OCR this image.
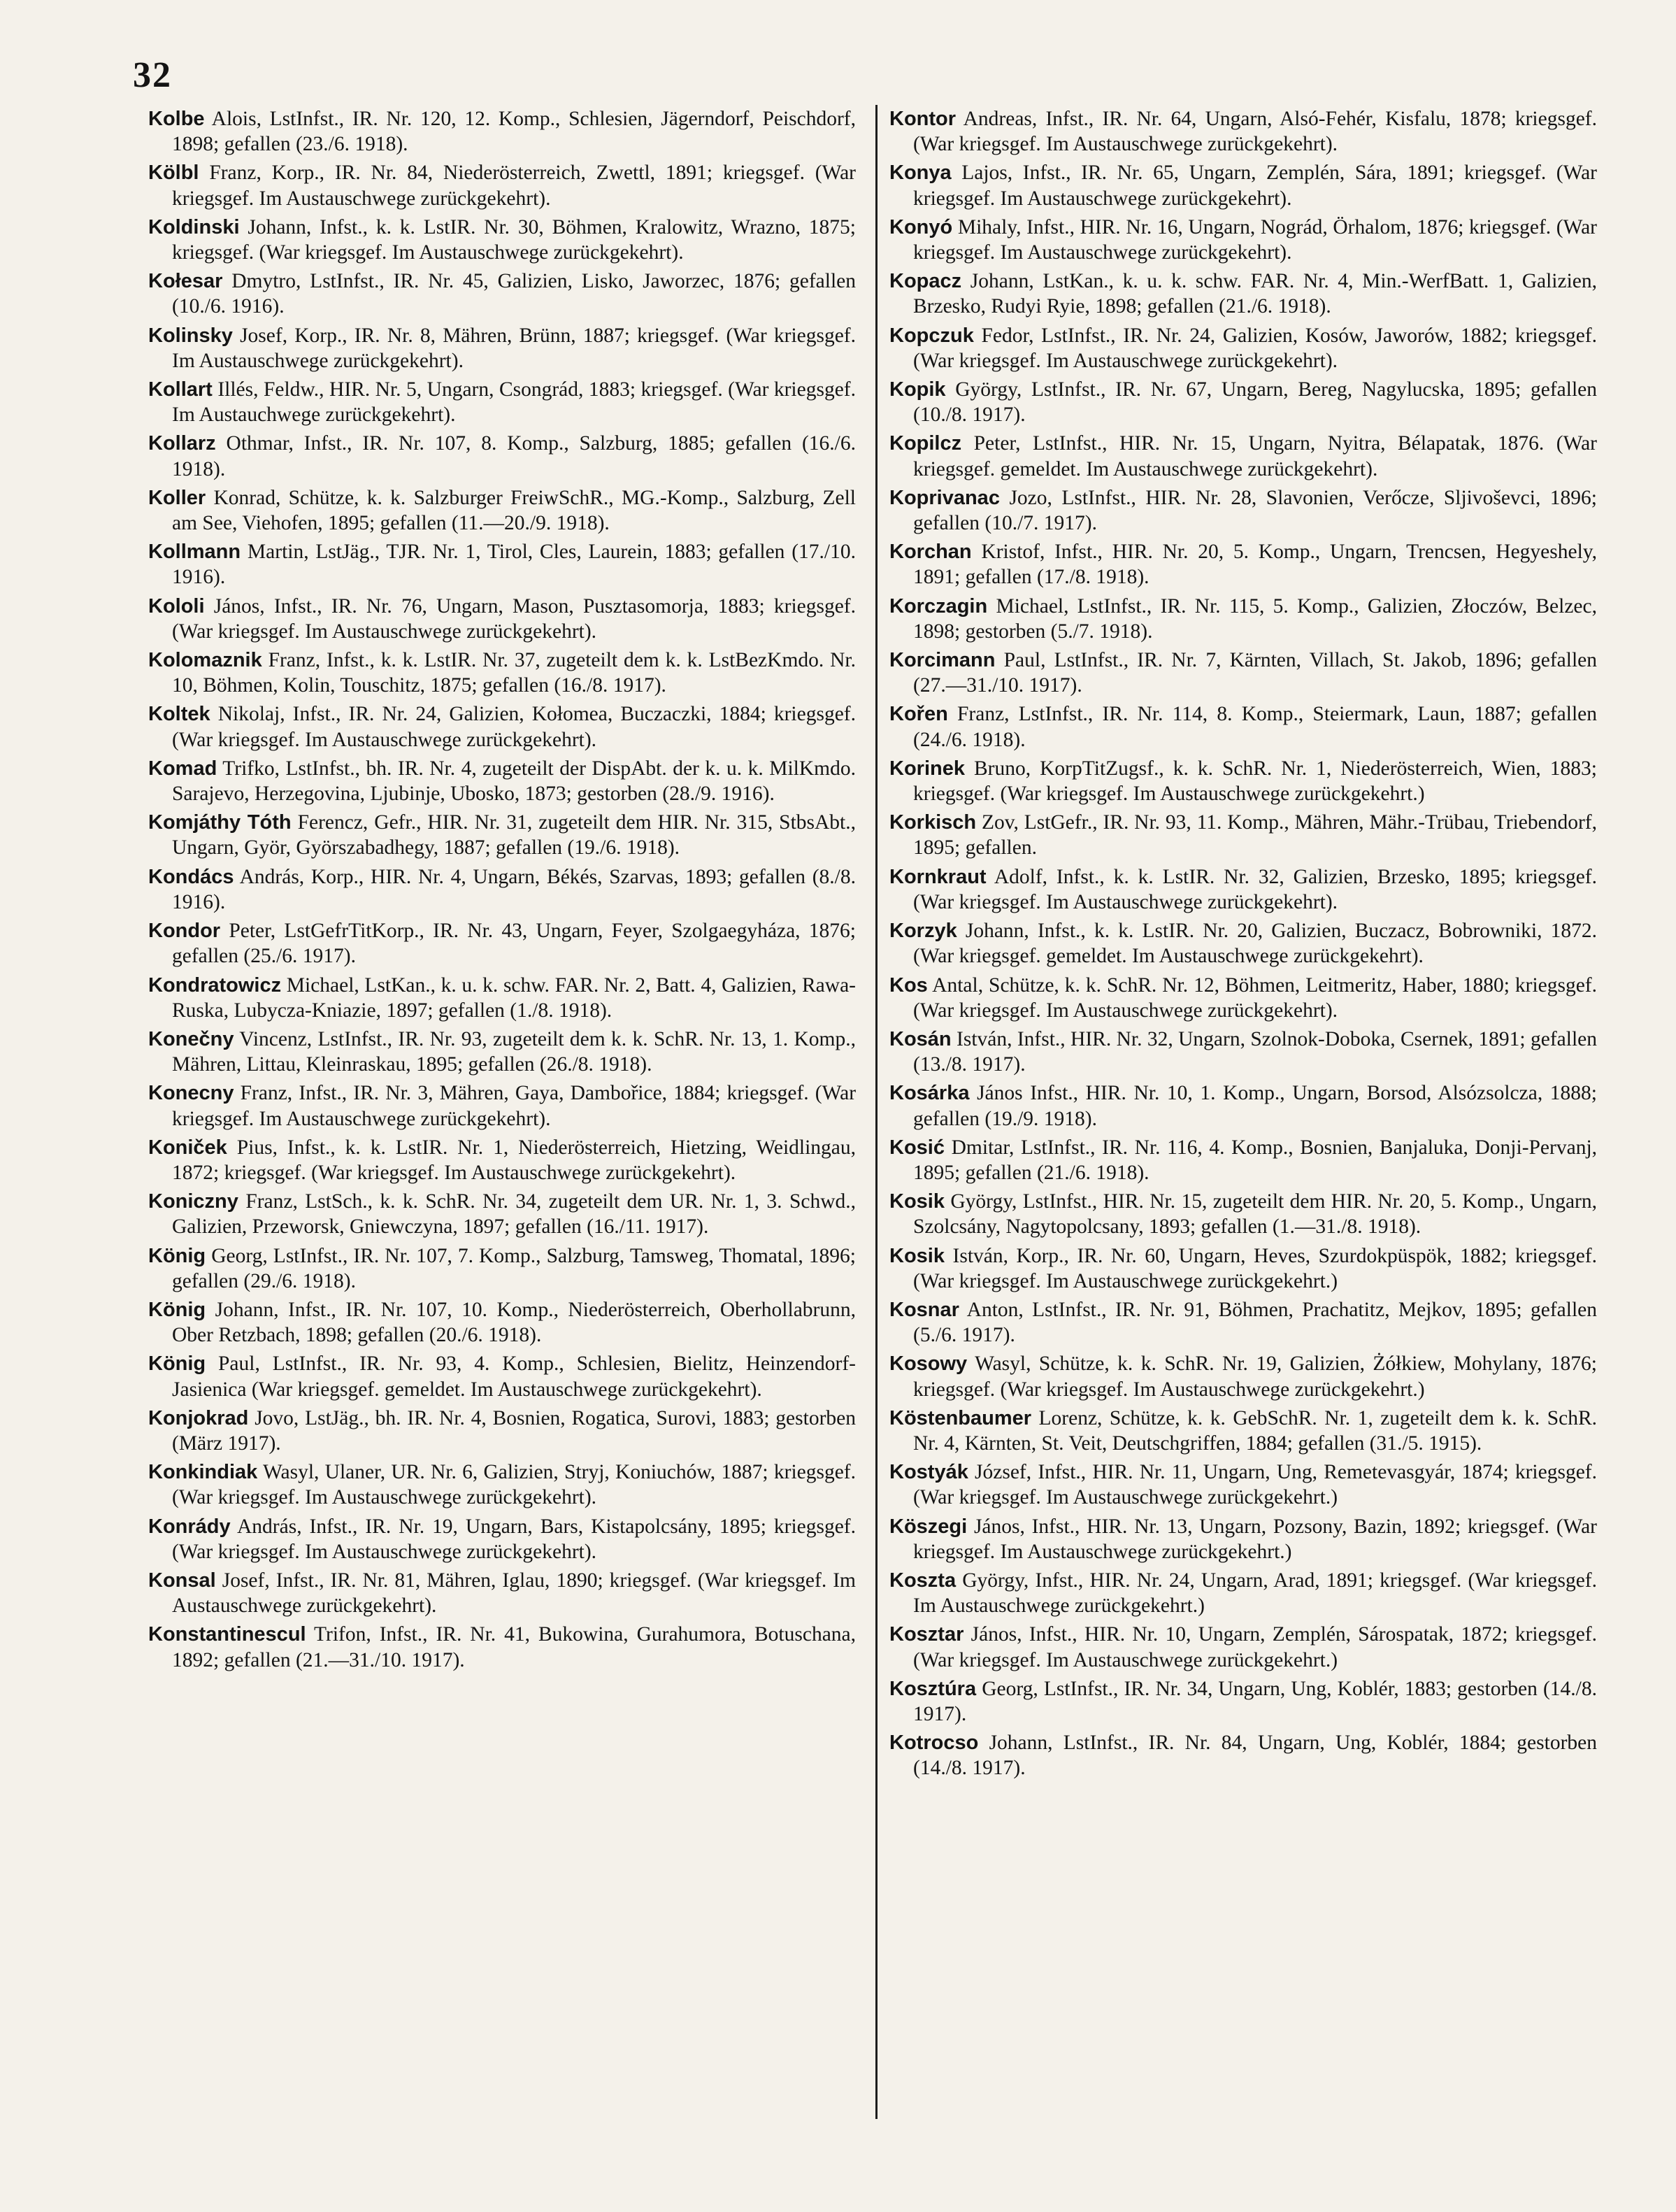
32

Kolbe Alois, LstInfst., IR. Nr. 120, 12. Komp., Schlesien, Jägerndorf, Peischdorf, 1898; gefallen (23./6. 1918).

Kölbl Franz, Korp., IR. Nr. 84, Niederösterreich, Zwettl, 1891; kriegsgef. (War kriegsgef. Im Austauschwege zurückgekehrt).

Koldinski Johann, Infst., k. k. LstIR. Nr. 30, Böhmen, Kralowitz, Wrazno, 1875; kriegsgef. (War kriegsgef. Im Austauschwege zurückgekehrt).

Kołesar Dmytro, LstInfst., IR. Nr. 45, Galizien, Lisko, Jaworzec, 1876; gefallen (10./6. 1916).

Kolinsky Josef, Korp., IR. Nr. 8, Mähren, Brünn, 1887; kriegsgef. (War kriegsgef. Im Austauschwege zurückgekehrt).

Kollart Illés, Feldw., HIR. Nr. 5, Ungarn, Csongrád, 1883; kriegsgef. (War kriegsgef. Im Austauchwege zurückgekehrt).

Kollarz Othmar, Infst., IR. Nr. 107, 8. Komp., Salzburg, 1885; gefallen (16./6. 1918).

Koller Konrad, Schütze, k. k. Salzburger FreiwSchR., MG.-Komp., Salzburg, Zell am See, Viehofen, 1895; gefallen (11.—20./9. 1918).

Kollmann Martin, LstJäg., TJR. Nr. 1, Tirol, Cles, Laurein, 1883; gefallen (17./10. 1916).

Kololi János, Infst., IR. Nr. 76, Ungarn, Mason, Pusztasomorja, 1883; kriegsgef. (War kriegsgef. Im Austauschwege zurückgekehrt).

Kolomaznik Franz, Infst., k. k. LstIR. Nr. 37, zugeteilt dem k. k. LstBezKmdo. Nr. 10, Böhmen, Kolin, Touschitz, 1875; gefallen (16./8. 1917).

Koltek Nikolaj, Infst., IR. Nr. 24, Galizien, Kołomea, Buczaczki, 1884; kriegsgef. (War kriegsgef. Im Austauschwege zurückgekehrt).

Komad Trifko, LstInfst., bh. IR. Nr. 4, zugeteilt der DispAbt. der k. u. k. MilKmdo. Sarajevo, Herzegovina, Ljubinje, Ubosko, 1873; gestorben (28./9. 1916).

Komjáthy Tóth Ferencz, Gefr., HIR. Nr. 31, zugeteilt dem HIR. Nr. 315, StbsAbt., Ungarn, Györ, Györszabadhegy, 1887; gefallen (19./6. 1918).

Kondács András, Korp., HIR. Nr. 4, Ungarn, Békés, Szarvas, 1893; gefallen (8./8. 1916).

Kondor Peter, LstGefrTitKorp., IR. Nr. 43, Ungarn, Feyer, Szolgaegyháza, 1876; gefallen (25./6. 1917).

Kondratowicz Michael, LstKan., k. u. k. schw. FAR. Nr. 2, Batt. 4, Galizien, Rawa-Ruska, Lubycza-Kniazie, 1897; gefallen (1./8. 1918).

Konečny Vincenz, LstInfst., IR. Nr. 93, zugeteilt dem k. k. SchR. Nr. 13, 1. Komp., Mähren, Littau, Kleinraskau, 1895; gefallen (26./8. 1918).

Konecny Franz, Infst., IR. Nr. 3, Mähren, Gaya, Dambořice, 1884; kriegsgef. (War kriegsgef. Im Austauschwege zurückgekehrt).

Koniček Pius, Infst., k. k. LstIR. Nr. 1, Niederösterreich, Hietzing, Weidlingau, 1872; kriegsgef. (War kriegsgef. Im Austauschwege zurückgekehrt).

Koniczny Franz, LstSch., k. k. SchR. Nr. 34, zugeteilt dem UR. Nr. 1, 3. Schwd., Galizien, Przeworsk, Gniewczyna, 1897; gefallen (16./11. 1917).

König Georg, LstInfst., IR. Nr. 107, 7. Komp., Salzburg, Tamsweg, Thomatal, 1896; gefallen (29./6. 1918).

König Johann, Infst., IR. Nr. 107, 10. Komp., Niederösterreich, Oberhollabrunn, Ober Retzbach, 1898; gefallen (20./6. 1918).

König Paul, LstInfst., IR. Nr. 93, 4. Komp., Schlesien, Bielitz, Heinzendorf-Jasienica (War kriegsgef. gemeldet. Im Austauschwege zurückgekehrt).

Konjokrad Jovo, LstJäg., bh. IR. Nr. 4, Bosnien, Rogatica, Surovi, 1883; gestorben (März 1917).

Konkindiak Wasyl, Ulaner, UR. Nr. 6, Galizien, Stryj, Koniuchów, 1887; kriegsgef. (War kriegsgef. Im Austauschwege zurückgekehrt).

Konrády András, Infst., IR. Nr. 19, Ungarn, Bars, Kistapolcsány, 1895; kriegsgef. (War kriegsgef. Im Austauschwege zurückgekehrt).

Konsal Josef, Infst., IR. Nr. 81, Mähren, Iglau, 1890; kriegsgef. (War kriegsgef. Im Austauschwege zurückgekehrt).

Konstantinescul Trifon, Infst., IR. Nr. 41, Bukowina, Gurahumora, Botuschana, 1892; gefallen (21.—31./10. 1917).

Kontor Andreas, Infst., IR. Nr. 64, Ungarn, Alsó-Fehér, Kisfalu, 1878; kriegsgef. (War kriegsgef. Im Austauschwege zurückgekehrt).

Konya Lajos, Infst., IR. Nr. 65, Ungarn, Zemplén, Sára, 1891; kriegsgef. (War kriegsgef. Im Austauschwege zurückgekehrt).

Konyó Mihaly, Infst., HIR. Nr. 16, Ungarn, Nográd, Örhalom, 1876; kriegsgef. (War kriegsgef. Im Austauschwege zurückgekehrt).

Kopacz Johann, LstKan., k. u. k. schw. FAR. Nr. 4, Min.-WerfBatt. 1, Galizien, Brzesko, Rudyi Ryie, 1898; gefallen (21./6. 1918).

Kopczuk Fedor, LstInfst., IR. Nr. 24, Galizien, Kosów, Jaworów, 1882; kriegsgef. (War kriegsgef. Im Austauschwege zurückgekehrt).

Kopik György, LstInfst., IR. Nr. 67, Ungarn, Bereg, Nagylucska, 1895; gefallen (10./8. 1917).

Kopilcz Peter, LstInfst., HIR. Nr. 15, Ungarn, Nyitra, Bélapatak, 1876. (War kriegsgef. gemeldet. Im Austauschwege zurückgekehrt).

Koprivanac Jozo, LstInfst., HIR. Nr. 28, Slavonien, Verőcze, Sljivoševci, 1896; gefallen (10./7. 1917).

Korchan Kristof, Infst., HIR. Nr. 20, 5. Komp., Ungarn, Trencsen, Hegyeshely, 1891; gefallen (17./8. 1918).

Korczagin Michael, LstInfst., IR. Nr. 115, 5. Komp., Galizien, Złoczów, Belzec, 1898; gestorben (5./7. 1918).

Korcimann Paul, LstInfst., IR. Nr. 7, Kärnten, Villach, St. Jakob, 1896; gefallen (27.—31./10. 1917).

Kořen Franz, LstInfst., IR. Nr. 114, 8. Komp., Steiermark, Laun, 1887; gefallen (24./6. 1918).

Korinek Bruno, KorpTitZugsf., k. k. SchR. Nr. 1, Niederösterreich, Wien, 1883; kriegsgef. (War kriegsgef. Im Austauschwege zurückgekehrt.)

Korkisch Zov, LstGefr., IR. Nr. 93, 11. Komp., Mähren, Mähr.-Trübau, Triebendorf, 1895; gefallen.

Kornkraut Adolf, Infst., k. k. LstIR. Nr. 32, Galizien, Brzesko, 1895; kriegsgef. (War kriegsgef. Im Austauschwege zurückgekehrt).

Korzyk Johann, Infst., k. k. LstIR. Nr. 20, Galizien, Buczacz, Bobrowniki, 1872. (War kriegsgef. gemeldet. Im Austauschwege zurückgekehrt).

Kos Antal, Schütze, k. k. SchR. Nr. 12, Böhmen, Leitmeritz, Haber, 1880; kriegsgef. (War kriegsgef. Im Austauschwege zurückgekehrt).

Kosán István, Infst., HIR. Nr. 32, Ungarn, Szolnok-Doboka, Csernek, 1891; gefallen (13./8. 1917).

Kosárka János Infst., HIR. Nr. 10, 1. Komp., Ungarn, Borsod, Alsózsolcza, 1888; gefallen (19./9. 1918).

Kosić Dmitar, LstInfst., IR. Nr. 116, 4. Komp., Bosnien, Banjaluka, Donji-Pervanj, 1895; gefallen (21./6. 1918).

Kosik György, LstInfst., HIR. Nr. 15, zugeteilt dem HIR. Nr. 20, 5. Komp., Ungarn, Szolcsány, Nagytopolcsany, 1893; gefallen (1.—31./8. 1918).

Kosik István, Korp., IR. Nr. 60, Ungarn, Heves, Szurdokpüspök, 1882; kriegsgef. (War kriegsgef. Im Austauschwege zurückgekehrt.)

Kosnar Anton, LstInfst., IR. Nr. 91, Böhmen, Prachatitz, Mejkov, 1895; gefallen (5./6. 1917).

Kosowy Wasyl, Schütze, k. k. SchR. Nr. 19, Galizien, Żółkiew, Mohylany, 1876; kriegsgef. (War kriegsgef. Im Austauschwege zurückgekehrt.)

Köstenbaumer Lorenz, Schütze, k. k. GebSchR. Nr. 1, zugeteilt dem k. k. SchR. Nr. 4, Kärnten, St. Veit, Deutschgriffen, 1884; gefallen (31./5. 1915).

Kostyák József, Infst., HIR. Nr. 11, Ungarn, Ung, Remetevasgyár, 1874; kriegsgef. (War kriegsgef. Im Austauschwege zurückgekehrt.)

Köszegi János, Infst., HIR. Nr. 13, Ungarn, Pozsony, Bazin, 1892; kriegsgef. (War kriegsgef. Im Austauschwege zurückgekehrt.)

Koszta György, Infst., HIR. Nr. 24, Ungarn, Arad, 1891; kriegsgef. (War kriegsgef. Im Austauschwege zurückgekehrt.)

Kosztar János, Infst., HIR. Nr. 10, Ungarn, Zemplén, Sárospatak, 1872; kriegsgef. (War kriegsgef. Im Austauschwege zurückgekehrt.)

Kosztúra Georg, LstInfst., IR. Nr. 34, Ungarn, Ung, Koblér, 1883; gestorben (14./8. 1917).

Kotrocso Johann, LstInfst., IR. Nr. 84, Ungarn, Ung, Koblér, 1884; gestorben (14./8. 1917).
